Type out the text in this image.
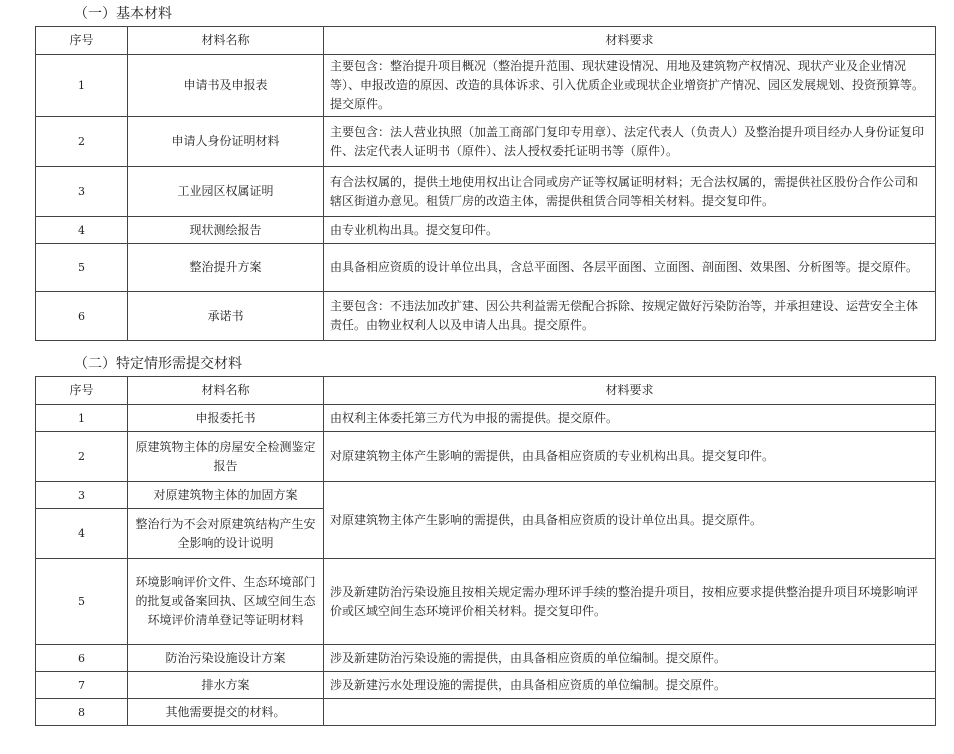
（一）基本材料
序号	材料名称	材料要求
1	申请书及申报表	主要包含：整治提升项目概况（整治提升范围、现状建设情况、用地及建筑物产权情况、现状产业及企业情况等）、申报改造的原因、改造的具体诉求、引入优质企业或现状企业增资扩产情况、园区发展规划、投资预算等。提交原件。
2	申请人身份证明材料	主要包含：法人营业执照（加盖工商部门复印专用章）、法定代表人（负责人）及整治提升项目经办人身份证复印件、法定代表人证明书（原件）、法人授权委托证明书等（原件）。
3	工业园区权属证明	有合法权属的，提供土地使用权出让合同或房产证等权属证明材料；无合法权属的，需提供社区股份合作公司和辖区街道办意见。租赁厂房的改造主体，需提供租赁合同等相关材料。提交复印件。
4	现状测绘报告	由专业机构出具。提交复印件。
5	整治提升方案	由具备相应资质的设计单位出具，含总平面图、各层平面图、立面图、剖面图、效果图、分析图等。提交原件。
6	承诺书	主要包含：不违法加改扩建、因公共利益需无偿配合拆除、按规定做好污染防治等，并承担建设、运营安全主体责任。由物业权利人以及申请人出具。提交原件。
（二）特定情形需提交材料
序号	材料名称	材料要求
1	申报委托书	由权利主体委托第三方代为申报的需提供。提交原件。
2	原建筑物主体的房屋安全检测鉴定报告	对原建筑物主体产生影响的需提供，由具备相应资质的专业机构出具。提交复印件。
3	对原建筑物主体的加固方案	对原建筑物主体产生影响的需提供，由具备相应资质的设计单位出具。提交原件。
4	整治行为不会对原建筑结构产生安全影响的设计说明	
5	环境影响评价文件、生态环境部门的批复或备案回执、区域空间生态环境评价清单登记等证明材料	涉及新建防治污染设施且按相关规定需办理环评手续的整治提升项目，按相应要求提供整治提升项目环境影响评价或区域空间生态环境评价相关材料。提交复印件。
6	防治污染设施设计方案	涉及新建防治污染设施的需提供，由具备相应资质的单位编制。提交原件。
7	排水方案	涉及新建污水处理设施的需提供，由具备相应资质的单位编制。提交原件。
8	其他需要提交的材料。	
